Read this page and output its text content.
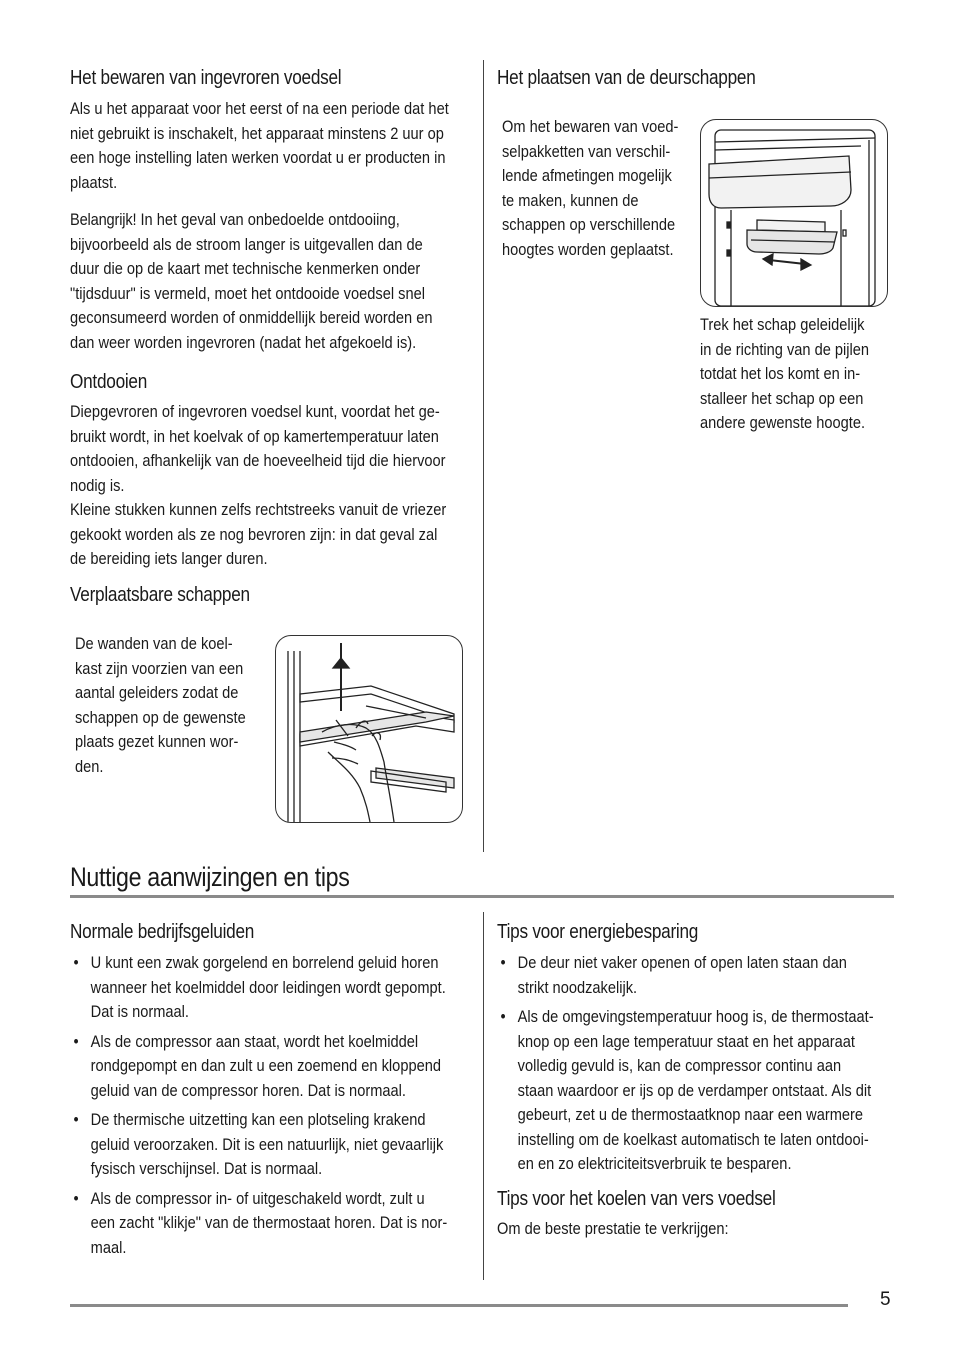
Het bewaren van ingevroren voedsel
Als u het apparaat voor het eerst of na een periode dat het
niet gebruikt is inschakelt, het apparaat minstens 2 uur op
een hoge instelling laten werken voordat u er producten in
plaatst.
Belangrijk! In het geval van onbedoelde ontdooiing,
bijvoorbeeld als de stroom langer is uitgevallen dan de
duur die op de kaart met technische kenmerken onder
"tijdsduur" is vermeld, moet het ontdooide voedsel snel
geconsumeerd worden of onmiddellijk bereid worden en
dan weer worden ingevroren (nadat het afgekoeld is).
Ontdooien
Diepgevroren of ingevroren voedsel kunt, voordat het ge-
bruikt wordt, in het koelvak of op kamertemperatuur laten
ontdooien, afhankelijk van de hoeveelheid tijd die hiervoor
nodig is.
Kleine stukken kunnen zelfs rechtstreeks vanuit de vriezer
gekookt worden als ze nog bevroren zijn: in dat geval zal
de bereiding iets langer duren.
Verplaatsbare schappen
De wanden van de koel-
kast zijn voorzien van een
aantal geleiders zodat de
schappen op de gewenste
plaats gezet kunnen wor-
den.
Het plaatsen van de deurschappen
Om het bewaren van voed-
selpakketten van verschil-
lende afmetingen mogelijk
te maken, kunnen de
schappen op verschillende
hoogtes worden geplaatst.
Trek het schap geleidelijk
in de richting van de pijlen
totdat het los komt en in-
stalleer het schap op een
andere gewenste hoogte.
Nuttige aanwijzingen en tips
Normale bedrijfsgeluiden
• U kunt een zwak gorgelend en borrelend geluid horen
wanneer het koelmiddel door leidingen wordt gepompt.
Dat is normaal.
• Als de compressor aan staat, wordt het koelmiddel
rondgepompt en dan zult u een zoemend en kloppend
geluid van de compressor horen. Dat is normaal.
• De thermische uitzetting kan een plotseling krakend
geluid veroorzaken. Dit is een natuurlijk, niet gevaarlijk
fysisch verschijnsel. Dat is normaal.
• Als de compressor in- of uitgeschakeld wordt, zult u
een zacht "klikje" van de thermostaat horen. Dat is nor-
maal.
Tips voor energiebesparing
• De deur niet vaker openen of open laten staan dan
strikt noodzakelijk.
• Als de omgevingstemperatuur hoog is, de thermostaat-
knop op een lage temperatuur staat en het apparaat
volledig gevuld is, kan de compressor continu aan
staan waardoor er ijs op de verdamper ontstaat. Als dit
gebeurt, zet u de thermostaatknop naar een warmere
instelling om de koelkast automatisch te laten ontdooi-
en en zo elektriciteitsverbruik te besparen.
Tips voor het koelen van vers voedsel
Om de beste prestatie te verkrijgen:
5
